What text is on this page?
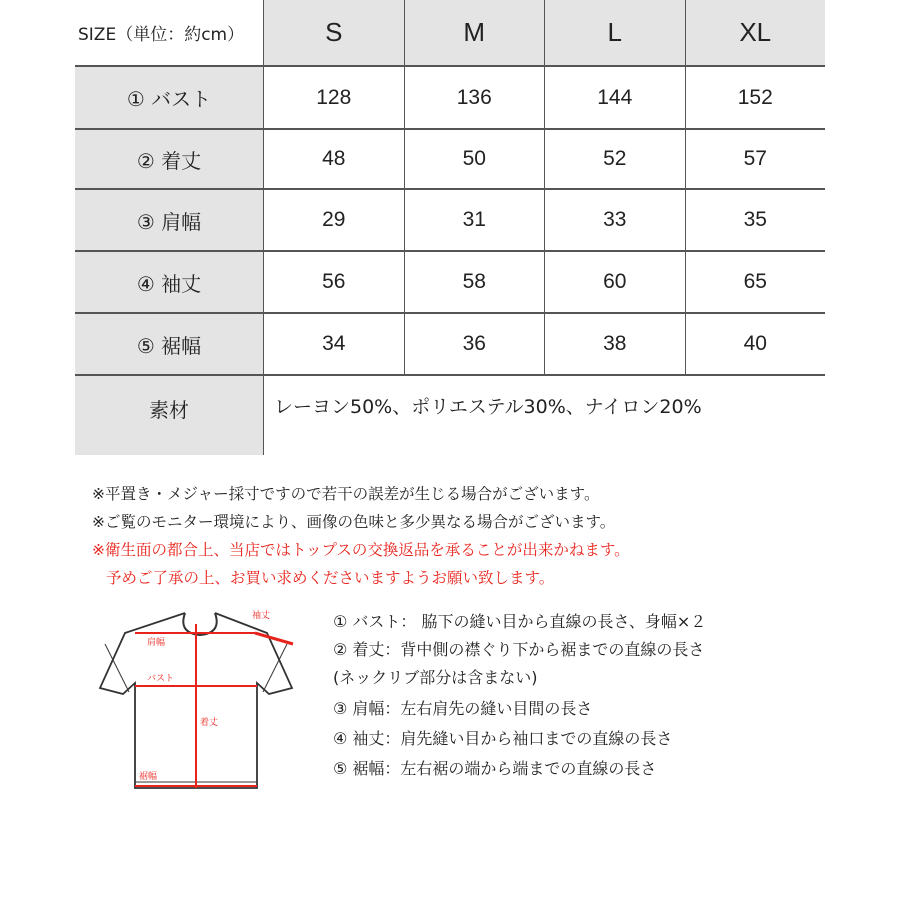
SIZE（単位：約cm）	S	M	L	XL
① バスト	128	136	144	152
② 着丈	48	50	52	57
③ 肩幅	29	31	33	35
④ 袖丈	56	58	60	65
⑤ 裾幅	34	36	38	40
素材	レーヨン50%、ポリエステル30%、ナイロン20%
※平置き・メジャー採寸ですので若干の誤差が生じる場合がございます。
※ご覧のモニター環境により、画像の色味と多少異なる場合がございます。
※衛生面の都合上、当店ではトップスの交換返品を承ることが出来かねます。
予めご了承の上、お買い求めくださいますようお願い致します。
肩幅
バスト
着丈
袖丈
裾幅
① バスト： 脇下の縫い目から直線の長さ、身幅×２
② 着丈：背中側の襟ぐり下から裾までの直線の長さ
(ネックリブ部分は含まない)
③ 肩幅：左右肩先の縫い目間の長さ
④ 袖丈：肩先縫い目から袖口までの直線の長さ
⑤ 裾幅：左右裾の端から端までの直線の長さ
